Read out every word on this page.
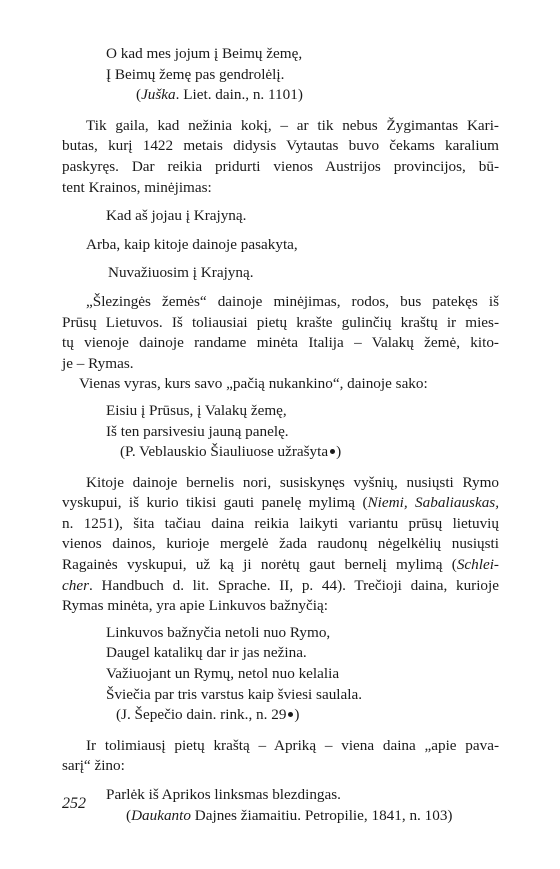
O kad mes jojum į Beimų žemę,
Į Beimų žemę pas gendrolėlį.
(Juška. Liet. dain., n. 1101)
Tik gaila, kad nežinia kokį, – ar tik nebus Žygimantas Kari-
butas, kurį 1422 metais didysis Vytautas buvo čekams karalium
paskyręs. Dar reikia pridurti vienos Austrijos provincijos, bū-
tent Krainos, minėjimas:
Kad aš jojau į Krajyną.
Arba, kaip kitoje dainoje pasakyta,
Nuvažiuosim į Krajyną.
„Šlezingės žemės“ dainoje minėjimas, rodos, bus patekęs iš
Prūsų Lietuvos. Iš toliausiai pietų krašte gulinčių kraštų ir mies-
tų vienoje dainoje randame minėta Italija – Valakų žemė, kito-
je – Rymas.
Vienas vyras, kurs savo „pačią nukankino“, dainoje sako:
Eisiu į Prūsus, į Valakų žemę,
Iš ten parsivesiu jauną panelę.
(P. Veblauskio Šiauliuose užrašyta )
Kitoje dainoje bernelis nori, susiskynęs vyšnių, nusiųsti Rymo
vyskupui, iš kurio tikisi gauti panelę mylimą (Niemi, Sabaliauskas,
n. 1251), šita tačiau daina reikia laikyti variantu prūsų lietuvių
vienos dainos, kurioje mergelė žada raudonų nėgelkėlių nusiųsti
Ragainės vyskupui, už ką ji norėtų gaut bernelį mylimą (Schlei-
cher. Handbuch d. lit. Sprache. II, p. 44). Trečioji daina, kurioje
Rymas minėta, yra apie Linkuvos bažnyčią:
Linkuvos bažnyčia netoli nuo Rymo,
Daugel katalikų dar ir jas nežina.
Važiuojant un Rymų, netol nuo kelalia
Šviečia par tris varstus kaip šviesi saulala.
(J. Šepečio dain. rink., n. 29 )
Ir tolimiausį pietų kraštą – Apriką – viena daina „apie pava-
sarį“ žino:
Parlėk iš Aprikos linksmas blezdingas.
(Daukanto Dajnes žiamaitiu. Petropilie, 1841, n. 103)
252
